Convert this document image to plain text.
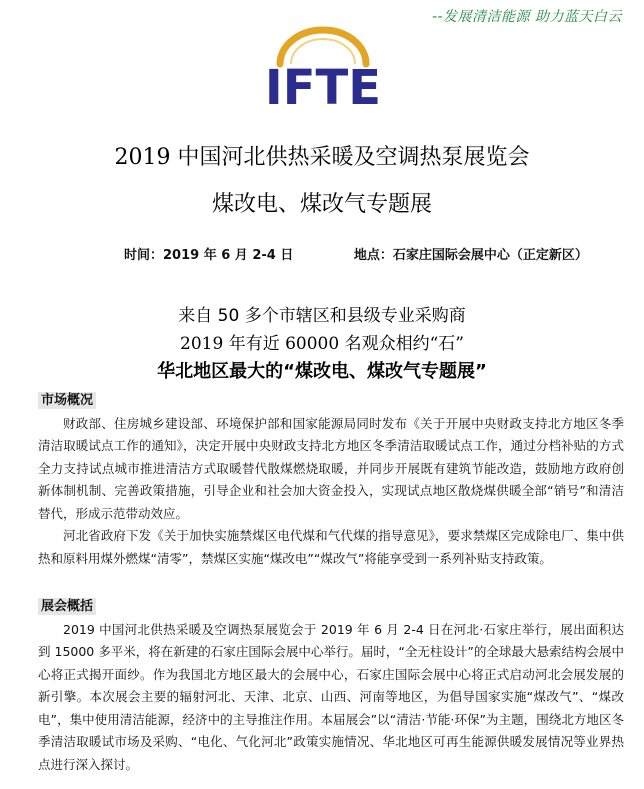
--发展清洁能源 助力蓝天白云
IFTE
2019 中国河北供热采暖及空调热泵展览会
煤改电、煤改气专题展
时间：2019 年 6 月 2-4 日	地点：石家庄国际会展中心（正定新区）
来自 50 多个市辖区和县级专业采购商
2019 年有近 60000 名观众相约“石”
华北地区最大的“煤改电、煤改气专题展”
市场概况
财政部、住房城乡建设部、环境保护部和国家能源局同时发布《关于开展中央财政支持北方地区冬季清洁取暖试点工作的通知》，决定开展中央财政支持北方地区冬季清洁取暖试点工作，通过分档补贴的方式全力支持试点城市推进清洁方式取暖替代散煤燃烧取暖，并同步开展既有建筑节能改造，鼓励地方政府创新体制机制、完善政策措施，引导企业和社会加大资金投入，实现试点地区散烧煤供暖全部“销号”和清洁替代，形成示范带动效应。
河北省政府下发《关于加快实施禁煤区电代煤和气代煤的指导意见》，要求禁煤区完成除电厂、集中供热和原料用煤外燃煤“清零”，禁煤区实施“煤改电”“煤改气”将能享受到一系列补贴支持政策。
展会概括
2019 中国河北供热采暖及空调热泵展览会于 2019 年 6 月 2-4 日在河北·石家庄举行，展出面积达到 15000 多平米，将在新建的石家庄国际会展中心举行。届时，“全无柱设计”的全球最大悬索结构会展中心将正式揭开面纱。作为我国北方地区最大的会展中心，石家庄国际会展中心将正式启动河北会展发展的新引擎。本次展会主要的辐射河北、天津、北京、山西、河南等地区，为倡导国家实施“煤改气”、“煤改电”，集中使用清洁能源，经济中的主导推注作用。本届展会”以“清洁·节能·环保”为主题，围绕北方地区冬季清洁取暖试市场及采购、“电化、气化河北”政策实施情况、华北地区可再生能源供暖发展情况等业界热点进行深入探讨。
